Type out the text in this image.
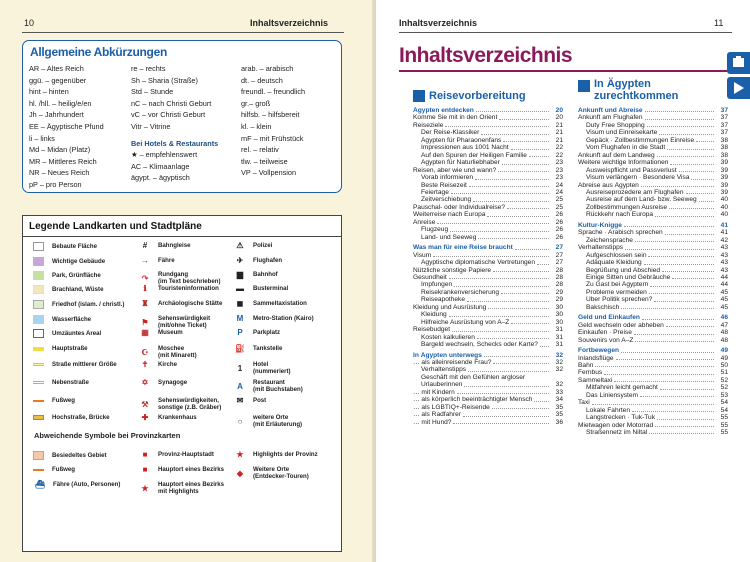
10	Inhaltsverzeichnis
Allgemeine Abkürzungen
AR – Altes Reich
ggü. – gegenüber
hint – hinten
hl. /hll. – heilig/e/en
Jh – Jahrhundert
EE – Ägyptische Pfund
li – links
Md – Midan (Platz)
MR – Mittleres Reich
NR – Neues Reich
pP – pro Person
re – rechts
Sh – Sharia (Straße)
Std – Stunde
nC – nach Christi Geburt
vC – vor Christi Geburt
Vitr – Vitrine
Bei Hotels & Restaurants
★ – empfehlenswert
AC – Klimaanlage
ägypt. – ägyptisch
arab. – arabisch
dt. – deutsch
freundl. – freundlich
gr.– groß
hilfsb. – hilfsbereit
kl. – klein
mF – mit Frühstück
rel. – relativ
tlw. – teilweise
VP – Vollpension
Legende Landkarten und Stadtpläne
Bebaute Fläche
Wichtige Gebäude
Park, Grünfläche
Brachland, Wüste
Friedhof (islam. / christl.)
Wasserfläche
Umzäuntes Areal
Hauptstraße
Straße mittlerer Größe
Nebenstraße
Fußweg
Hochstraße, Brücke
#	Bahngleise
→	Fähre
↷	Rundgang
(im Text beschrieben)
ℹ	Touristeninformation
♜	Archäologische Stätte
⚑	Sehenswürdigkeit
(mit/ohne Ticket)
▦	Museum
☪	Moschee
(mit Minarett)
✝	Kirche
✡	Synagoge
⚒	Sehenswürdigkeiten,
sonstige (z.B. Gräber)
✚	Krankenhaus
⚠	Polizei
✈	Flughafen
▆	Bahnhof
▬	Busterminal
◼	Sammeltaxistation
M	Metro-Station (Kairo)
P	Parkplatz
⛽	Tankstelle
1	Hotel
(nummeriert)
A	Restaurant
(mit Buchstaben)
✉	Post
○	weitere Orte
(mit Erläuterung)
Besiedeltes Gebiet
Fußweg
⛴	Fähre (Auto, Personen)
■	Provinz-Hauptstadt
■	Hauptort eines Bezirks
★	Hauptort eines Bezirks
mit Highlights
★	Highlights der Provinz
◆	Weitere Orte
(Entdecker-Touren)
Abweichende Symbole bei Provinzkarten
Inhaltsverzeichnis	11
Inhaltsverzeichnis
Reisevorbereitung
Ägypten entdecken	20
Komme Sie mit in den Orient	20
Reiseziele	21
Der Reise-Klassiker	21
Ägypten für Pharaonenfans	21
Impressionen aus 1001 Nacht	22
Auf den Spuren der Heiligen Familie	22
Ägypten für Naturliebhaber	23
Reisen, aber wie und wann?	23
Vorab informieren	23
Beste Reisezeit	24
Feiertage	24
Zeitverschiebung	25
Pauschal- oder Individualreise?	25
Weiterreise nach Europa	26
Anreise	26
Flugzeug	26
Land- und Seeweg	26
Was man für eine Reise braucht	27
Visum	27
Ägyptische diplomatische Vertretungen	27
Nützliche sonstige Papiere	28
Gesundheit	28
Impfungen	28
Reisekrankenversicherung	29
Reiseapotheke	29
Kleidung und Ausrüstung	30
Kleidung	30
Hilfreiche Ausrüstung von A–Z	30
Reisebudget	31
Kosten kalkulieren	31
Bargeld wechseln, Schecks oder Karte?	31
In Ägypten unterwegs	32
… als alleinreisende Frau?	32
Verhaltenstipps	32
Geschäft mit den Gefühlen argloser
Urlauberinnen	32
… mit Kindern	33
… als körperlich beeinträchtigter Mensch	34
… als LGBTIQ+-Reisende	35
… als Radfahrer	35
… mit Hund?	36
In Ägypten
zurechtkommen
Ankunft und Abreise	37
Ankunft am Flughafen	37
Duty Free Shopping	37
Visum und Einreisekarte	37
Gepäck · Zollbestimmungen Einreise	38
Vom Flughafen in die Stadt	38
Ankunft auf dem Landweg	38
Weitere wichtige Informationen	39
Ausweispflicht und Passverlust	39
Visum verlängern · Besondere Visa	39
Abreise aus Ägypten	39
Ausreiseprozedere am Flughafen	39
Ausreise auf dem Land- bzw. Seeweg	40
Zollbestimmungen Ausreise	40
Rückkehr nach Europa	40
Kultur-Knigge	41
Sprache · Arabisch sprechen	41
Zeichensprache	42
Verhaltenstipps	43
Aufgeschlossen sein	43
Adäquate Kleidung	43
Begrüßung und Abschied	43
Einige Sitten und Gebräuche	44
Zu Gast bei Ägyptern	44
Probleme vermeiden	45
Über Politik sprechen?	45
Bakschisch	45
Geld und Einkaufen	46
Geld wechseln oder abheben	47
Einkaufen · Preise	48
Souvenirs von A–Z	48
Fortbewegen	49
Inlandsflüge	49
Bahn	50
Fernbus	51
Sammeltaxi	52
Mitfahren leicht gemacht	52
Das Liniensystem	53
Taxi	54
Lokale Fahrten	54
Langstrecken · Tuk-Tuk	55
Mietwagen oder Motorrad	55
Straßennetz im Niltal	55
